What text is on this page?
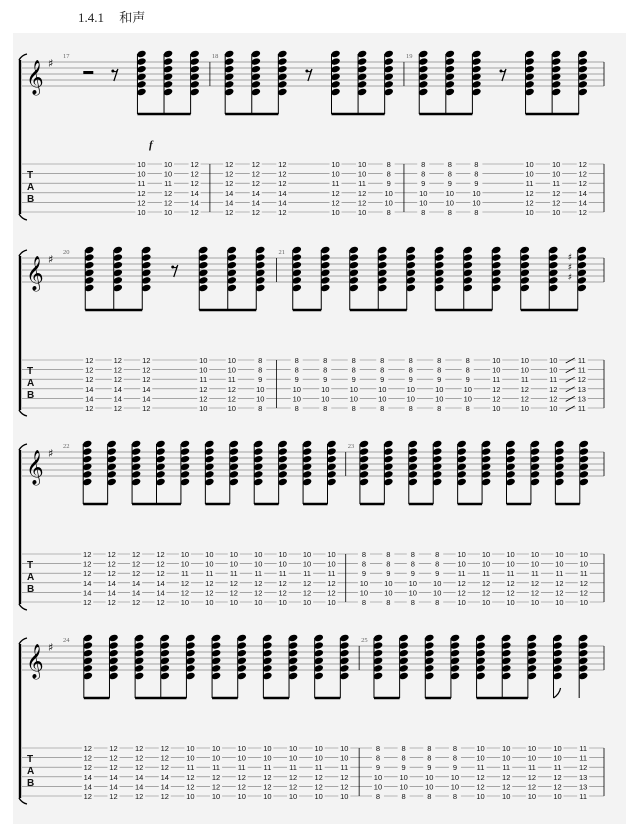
1.4.1 和声
𝄞 ♯
T
A
B
17
10
10
11
12
12
10
10
10
11
12
12
10
12
12
12
14
14
12
18
12
12
12
14
14
12
12
12
12
14
14
12
12
12
12
14
14
12
10
10
11
12
12
10
10
10
11
12
12
10
8
8
9
10
10
8
19
8
8
9
10
10
8
8
8
9
10
10
8
8
8
9
10
10
8
10
10
11
12
12
10
10
10
11
12
12
10
12
12
12
14
14
12
f
𝄞 ♯
T
A
B
20
12
12
12
14
14
12
12
12
12
14
14
12
12
12
12
14
14
12
10
10
11
12
12
10
10
10
11
12
12
10
8
8
9
10
10
8
21
8
8
9
10
10
8
8
8
9
10
10
8
8
8
9
10
10
8
8
8
9
10
10
8
8
8
9
10
10
8
8
8
9
10
10
8
8
8
9
10
10
8
10
10
11
12
12
10
10
10
11
12
12
10
10
10
11
12
12
10
♯
♯
♯
11
11
12
13
13
11
𝄞 ♯
T
A
B
22
12
12
12
14
14
12
12
12
12
14
14
12
12
12
12
14
14
12
12
12
12
14
14
12
10
10
11
12
12
10
10
10
11
12
12
10
10
10
11
12
12
10
10
10
11
12
12
10
10
10
11
12
12
10
10
10
11
12
12
10
10
10
11
12
12
10
23
8
8
9
10
10
8
8
8
9
10
10
8
8
8
9
10
10
8
8
8
9
10
10
8
10
10
11
12
12
10
10
10
11
12
12
10
10
10
11
12
12
10
10
10
11
12
12
10
10
10
11
12
12
10
10
10
11
12
12
10
𝄞 ♯
T
A
B
24
12
12
12
14
14
12
12
12
12
14
14
12
12
12
12
14
14
12
12
12
12
14
14
12
10
10
11
12
12
10
10
10
11
12
12
10
10
10
11
12
12
10
10
10
11
12
12
10
10
10
11
12
12
10
10
10
11
12
12
10
10
10
11
12
12
10
25
8
8
9
10
10
8
8
8
9
10
10
8
8
8
9
10
10
8
8
8
9
10
10
8
10
10
11
12
12
10
10
10
11
12
12
10
10
10
11
12
12
10
10
10
11
12
12
10
11
11
12
13
13
11
